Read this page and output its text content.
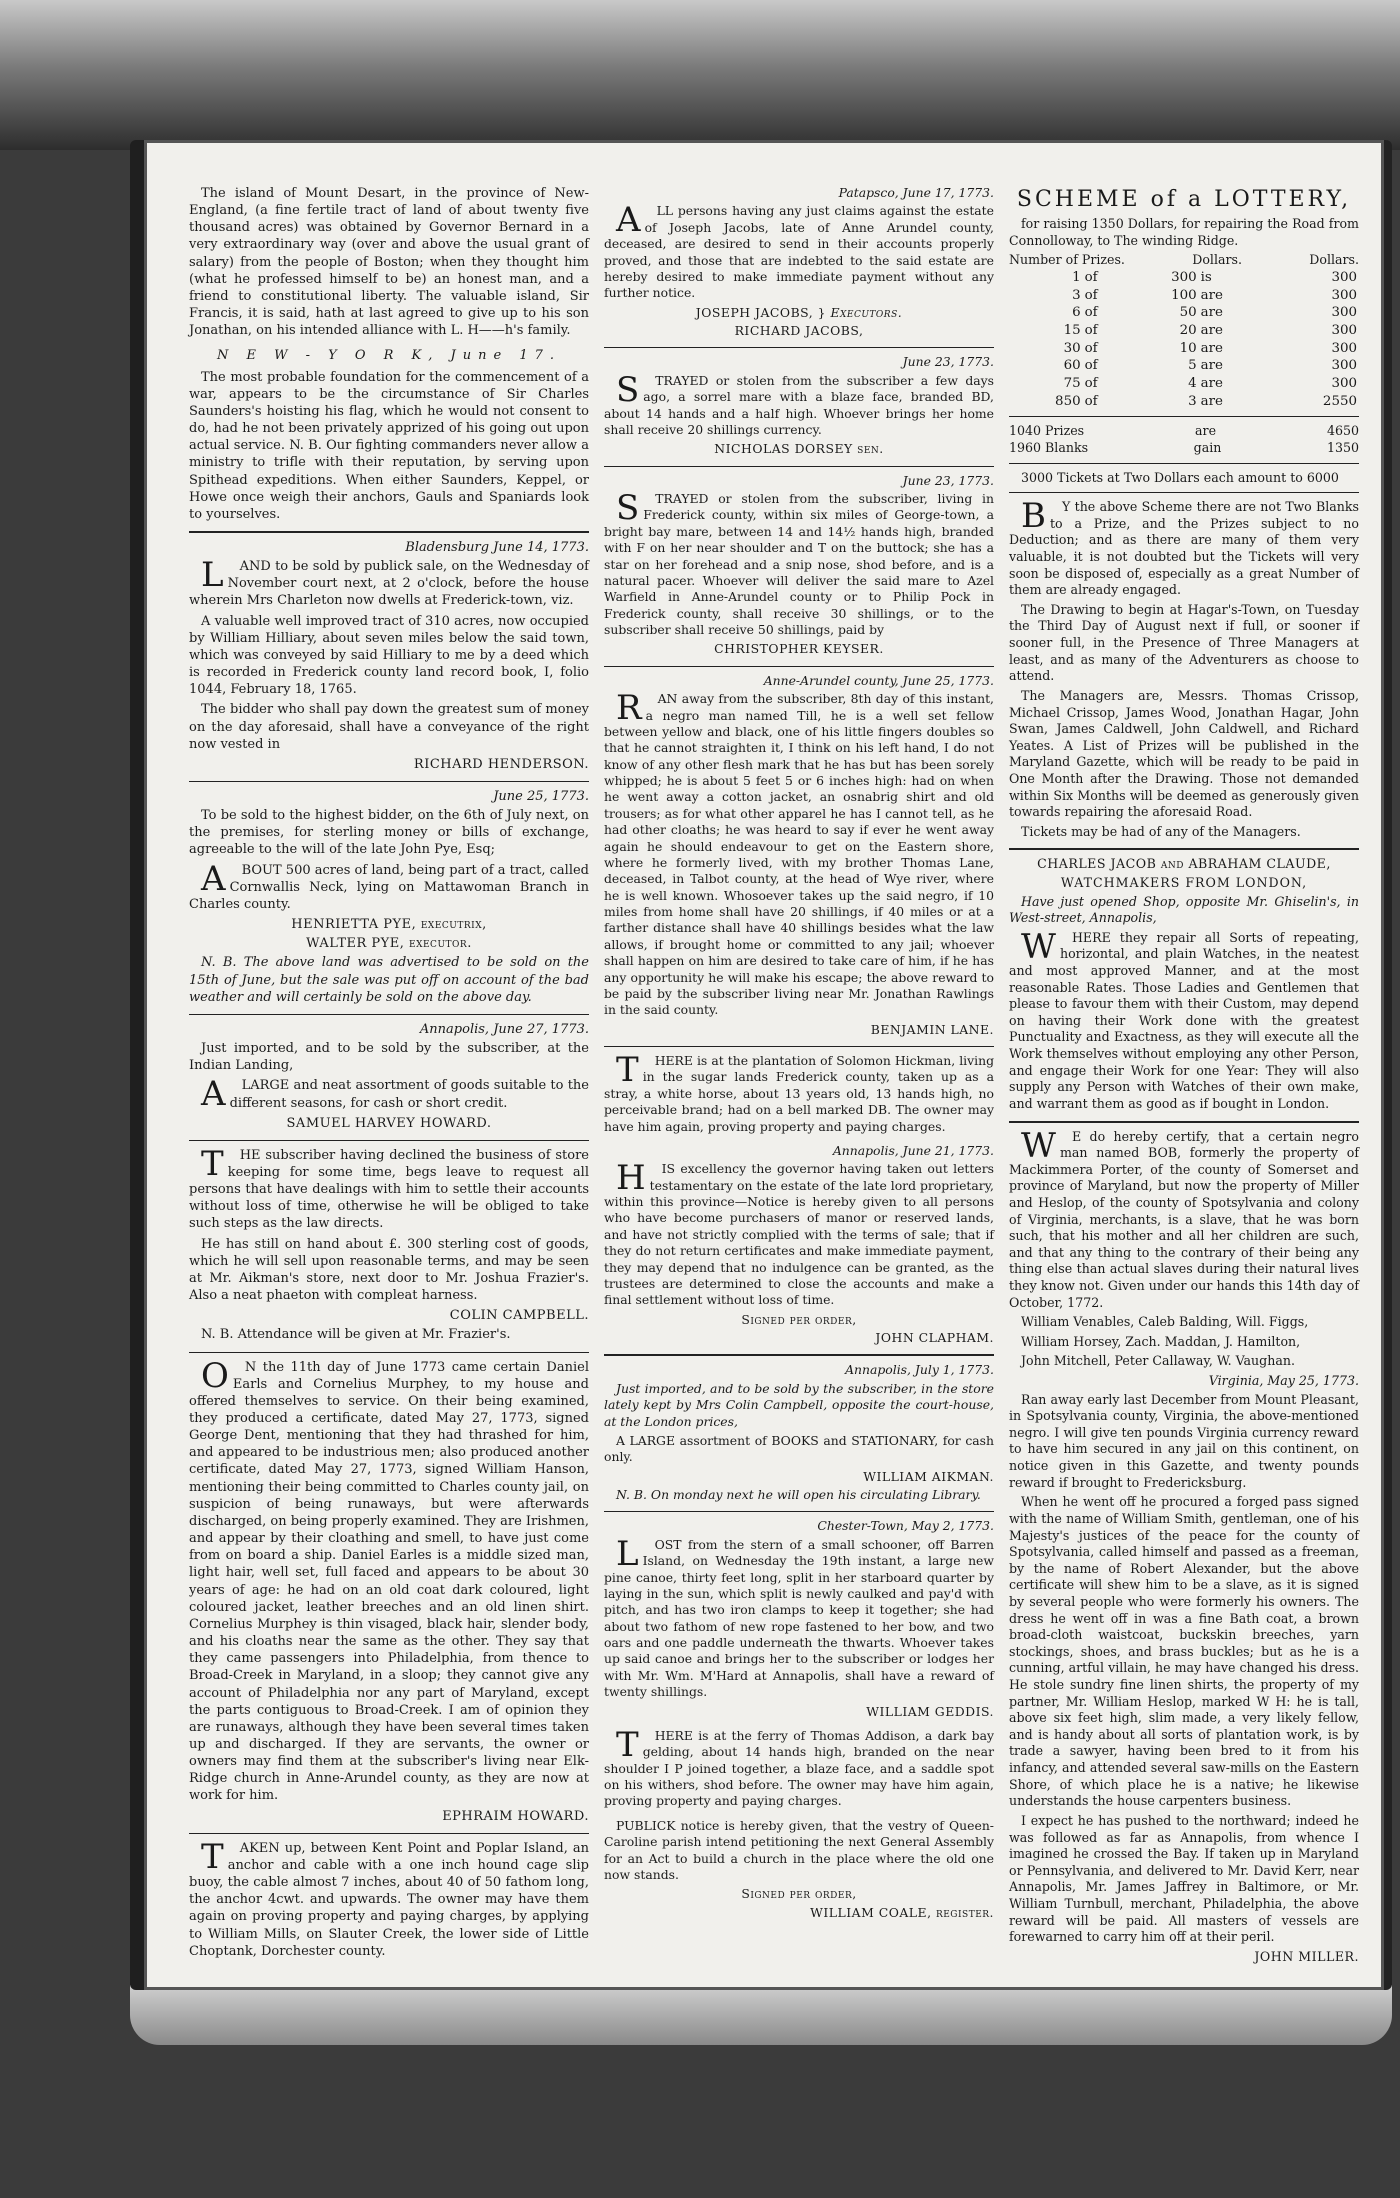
The island of Mount Desart, in the province of New-England, (a fine fertile tract of land of about twenty five thousand acres) was obtained by Governor Bernard in a very extraordinary way (over and above the usual grant of salary) from the people of Boston; when they thought him (what he professed himself to be) an honest man, and a friend to constitutional liberty. The valuable island, Sir Francis, it is said, hath at last agreed to give up to his son Jonathan, on his intended alliance with L. H——h's family.

N E W - Y O R K, June 17.

The most probable foundation for the commencement of a war, appears to be the circumstance of Sir Charles Saunders's hoisting his flag, which he would not consent to do, had he not been privately apprized of his going out upon actual service. N. B. Our fighting commanders never allow a ministry to trifle with their reputation, by serving upon Spithead expeditions. When either Saunders, Keppel, or Howe once weigh their anchors, Gauls and Spaniards look to yourselves.

Bladensburg June 14, 1773.

L AND to be sold by publick sale, on the Wednesday of November court next, at 2 o'clock, before the house wherein Mrs Charleton now dwells at Frederick-town, viz.

A valuable well improved tract of 310 acres, now occupied by William Hilliary, about seven miles below the said town, which was conveyed by said Hilliary to me by a deed which is recorded in Frederick county land record book, I, folio 1044, February 18, 1765.

The bidder who shall pay down the greatest sum of money on the day aforesaid, shall have a conveyance of the right now vested in

RICHARD HENDERSON.
June 25, 1773.

To be sold to the highest bidder, on the 6th of July next, on the premises, for sterling money or bills of exchange, agreeable to the will of the late John Pye, Esq;

A BOUT 500 acres of land, being part of a tract, called Cornwallis Neck, lying on Mattawoman Branch in Charles county.

HENRIETTA PYE, executrix,
WALTER PYE, executor.

N. B. The above land was advertised to be sold on the 15th of June, but the sale was put off on account of the bad weather and will certainly be sold on the above day.

Annapolis, June 27, 1773.

Just imported, and to be sold by the subscriber, at the Indian Landing,

A LARGE and neat assortment of goods suitable to the different seasons, for cash or short credit.

SAMUEL HARVEY HOWARD.

T HE subscriber having declined the business of store keeping for some time, begs leave to request all persons that have dealings with him to settle their accounts without loss of time, otherwise he will be obliged to take such steps as the law directs.

He has still on hand about £. 300 sterling cost of goods, which he will sell upon reasonable terms, and may be seen at Mr. Aikman's store, next door to Mr. Joshua Frazier's. Also a neat phaeton with compleat harness.

COLIN CAMPBELL.

N. B. Attendance will be given at Mr. Frazier's.

O N the 11th day of June 1773 came certain Daniel Earls and Cornelius Murphey, to my house and offered themselves to service. On their being examined, they produced a certificate, dated May 27, 1773, signed George Dent, mentioning that they had thrashed for him, and appeared to be industrious men; also produced another certificate, dated May 27, 1773, signed William Hanson, mentioning their being committed to Charles county jail, on suspicion of being runaways, but were afterwards discharged, on being properly examined. They are Irishmen, and appear by their cloathing and smell, to have just come from on board a ship. Daniel Earles is a middle sized man, light hair, well set, full faced and appears to be about 30 years of age: he had on an old coat dark coloured, light coloured jacket, leather breeches and an old linen shirt. Cornelius Murphey is thin visaged, black hair, slender body, and his cloaths near the same as the other. They say that they came passengers into Philadelphia, from thence to Broad-Creek in Maryland, in a sloop; they cannot give any account of Philadelphia nor any part of Maryland, except the parts contiguous to Broad-Creek. I am of opinion they are runaways, although they have been several times taken up and discharged. If they are servants, the owner or owners may find them at the subscriber's living near Elk-Ridge church in Anne-Arundel county, as they are now at work for him.

EPHRAIM HOWARD.

T AKEN up, between Kent Point and Poplar Island, an anchor and cable with a one inch hound cage slip buoy, the cable almost 7 inches, about 40 of 50 fathom long, the anchor 4cwt. and upwards. The owner may have them again on proving property and paying charges, by applying to William Mills, on Slauter Creek, the lower side of Little Choptank, Dorchester county.

Patapsco, June 17, 1773.

A LL persons having any just claims against the estate of Joseph Jacobs, late of Anne Arundel county, deceased, are desired to send in their accounts properly proved, and those that are indebted to the said estate are hereby desired to make immediate payment without any further notice.

JOSEPH JACOBS, } Executors.
RICHARD JACOBS,
June 23, 1773.

S TRAYED or stolen from the subscriber a few days ago, a sorrel mare with a blaze face, branded BD, about 14 hands and a half high. Whoever brings her home shall receive 20 shillings currency.

NICHOLAS DORSEY sen.
June 23, 1773.

S TRAYED or stolen from the subscriber, living in Frederick county, within six miles of George-town, a bright bay mare, between 14 and 14½ hands high, branded with F on her near shoulder and T on the buttock; she has a star on her forehead and a snip nose, shod before, and is a natural pacer. Whoever will deliver the said mare to Azel Warfield in Anne-Arundel county or to Philip Pock in Frederick county, shall receive 30 shillings, or to the subscriber shall receive 50 shillings, paid by

CHRISTOPHER KEYSER.
Anne-Arundel county, June 25, 1773.

R AN away from the subscriber, 8th day of this instant, a negro man named Till, he is a well set fellow between yellow and black, one of his little fingers doubles so that he cannot straighten it, I think on his left hand, I do not know of any other flesh mark that he has but has been sorely whipped; he is about 5 feet 5 or 6 inches high: had on when he went away a cotton jacket, an osnabrig shirt and old trousers; as for what other apparel he has I cannot tell, as he had other cloaths; he was heard to say if ever he went away again he should endeavour to get on the Eastern shore, where he formerly lived, with my brother Thomas Lane, deceased, in Talbot county, at the head of Wye river, where he is well known. Whosoever takes up the said negro, if 10 miles from home shall have 20 shillings, if 40 miles or at a farther distance shall have 40 shillings besides what the law allows, if brought home or committed to any jail; whoever shall happen on him are desired to take care of him, if he has any opportunity he will make his escape; the above reward to be paid by the subscriber living near Mr. Jonathan Rawlings in the said county.

BENJAMIN LANE.

T HERE is at the plantation of Solomon Hickman, living in the sugar lands Frederick county, taken up as a stray, a white horse, about 13 years old, 13 hands high, no perceivable brand; had on a bell marked DB. The owner may have him again, proving property and paying charges.

Annapolis, June 21, 1773.

H IS excellency the governor having taken out letters testamentary on the estate of the late lord proprietary, within this province—Notice is hereby given to all persons who have become purchasers of manor or reserved lands, and have not strictly complied with the terms of sale; that if they do not return certificates and make immediate payment, they may depend that no indulgence can be granted, as the trustees are determined to close the accounts and make a final settlement without loss of time.

Signed per order,
JOHN CLAPHAM.
Annapolis, July 1, 1773.

Just imported, and to be sold by the subscriber, in the store lately kept by Mrs Colin Campbell, opposite the court-house, at the London prices,

A LARGE assortment of BOOKS and STATIONARY, for cash only.

WILLIAM AIKMAN.

N. B. On monday next he will open his circulating Library.

Chester-Town, May 2, 1773.

L OST from the stern of a small schooner, off Barren Island, on Wednesday the 19th instant, a large new pine canoe, thirty feet long, split in her starboard quarter by laying in the sun, which split is newly caulked and pay'd with pitch, and has two iron clamps to keep it together; she had about two fathom of new rope fastened to her bow, and two oars and one paddle underneath the thwarts. Whoever takes up said canoe and brings her to the subscriber or lodges her with Mr. Wm. M'Hard at Annapolis, shall have a reward of twenty shillings.

WILLIAM GEDDIS.

T HERE is at the ferry of Thomas Addison, a dark bay gelding, about 14 hands high, branded on the near shoulder I P joined together, a blaze face, and a saddle spot on his withers, shod before. The owner may have him again, proving property and paying charges.

PUBLICK notice is hereby given, that the vestry of Queen-Caroline parish intend petitioning the next General Assembly for an Act to build a church in the place where the old one now stands.

Signed per order,
WILLIAM COALE, register.
SCHEME of a LOTTERY,

for raising 1350 Dollars, for repairing the Road from Connolloway, to The winding Ridge.

Number of Prizes.	Dollars.	Dollars.
1	of	300	is	300
3	of	100	are	300
6	of	50	are	300
15	of	20	are	300
30	of	10	are	300
60	of	5	are	300
75	of	4	are	300
850	of	3	are	2550
1040 Prizes	are	4650
1960 Blanks	gain	1350

3000 Tickets at Two Dollars each amount to 6000

B Y the above Scheme there are not Two Blanks to a Prize, and the Prizes subject to no Deduction; and as there are many of them very valuable, it is not doubted but the Tickets will very soon be disposed of, especially as a great Number of them are already engaged.

The Drawing to begin at Hagar's-Town, on Tuesday the Third Day of August next if full, or sooner if sooner full, in the Presence of Three Managers at least, and as many of the Adventurers as choose to attend.

The Managers are, Messrs. Thomas Crissop, Michael Crissop, James Wood, Jonathan Hagar, John Swan, James Caldwell, John Caldwell, and Richard Yeates. A List of Prizes will be published in the Maryland Gazette, which will be ready to be paid in One Month after the Drawing. Those not demanded within Six Months will be deemed as generously given towards repairing the aforesaid Road.

Tickets may be had of any of the Managers.

CHARLES JACOB and ABRAHAM CLAUDE,
WATCHMAKERS FROM LONDON,

Have just opened Shop, opposite Mr. Ghiselin's, in West-street, Annapolis,

W HERE they repair all Sorts of repeating, horizontal, and plain Watches, in the neatest and most approved Manner, and at the most reasonable Rates. Those Ladies and Gentlemen that please to favour them with their Custom, may depend on having their Work done with the greatest Punctuality and Exactness, as they will execute all the Work themselves without employing any other Person, and engage their Work for one Year: They will also supply any Person with Watches of their own make, and warrant them as good as if bought in London.

W E do hereby certify, that a certain negro man named BOB, formerly the property of Mackimmera Porter, of the county of Somerset and province of Maryland, but now the property of Miller and Heslop, of the county of Spotsylvania and colony of Virginia, merchants, is a slave, that he was born such, that his mother and all her children are such, and that any thing to the contrary of their being any thing else than actual slaves during their natural lives they know not. Given under our hands this 14th day of October, 1772.

William Venables, Caleb Balding, Will. Figgs,

William Horsey, Zach. Maddan, J. Hamilton,

John Mitchell, Peter Callaway, W. Vaughan.

Virginia, May 25, 1773.

Ran away early last December from Mount Pleasant, in Spotsylvania county, Virginia, the above-mentioned negro. I will give ten pounds Virginia currency reward to have him secured in any jail on this continent, on notice given in this Gazette, and twenty pounds reward if brought to Fredericksburg.

When he went off he procured a forged pass signed with the name of William Smith, gentleman, one of his Majesty's justices of the peace for the county of Spotsylvania, called himself and passed as a freeman, by the name of Robert Alexander, but the above certificate will shew him to be a slave, as it is signed by several people who were formerly his owners. The dress he went off in was a fine Bath coat, a brown broad-cloth waistcoat, buckskin breeches, yarn stockings, shoes, and brass buckles; but as he is a cunning, artful villain, he may have changed his dress. He stole sundry fine linen shirts, the property of my partner, Mr. William Heslop, marked W H: he is tall, above six feet high, slim made, a very likely fellow, and is handy about all sorts of plantation work, is by trade a sawyer, having been bred to it from his infancy, and attended several saw-mills on the Eastern Shore, of which place he is a native; he likewise understands the house carpenters business.

I expect he has pushed to the northward; indeed he was followed as far as Annapolis, from whence I imagined he crossed the Bay. If taken up in Maryland or Pennsylvania, and delivered to Mr. David Kerr, near Annapolis, Mr. James Jaffrey in Baltimore, or Mr. William Turnbull, merchant, Philadelphia, the above reward will be paid. All masters of vessels are forewarned to carry him off at their peril.

JOHN MILLER.
